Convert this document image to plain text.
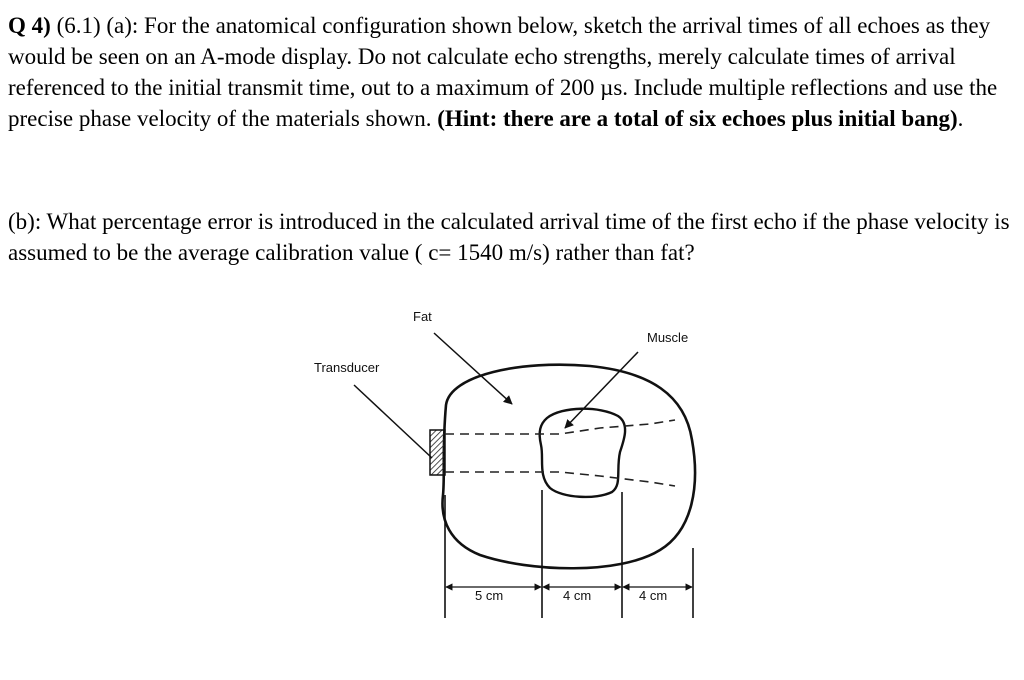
Q 4) (6.1) (a): For the anatomical configuration shown below, sketch the arrival times of all echoes as they would be seen on an A-mode display. Do not calculate echo strengths, merely calculate times of arrival referenced to the initial transmit time, out to a maximum of 200 µs. Include multiple reflections and use the precise phase velocity of the materials shown. (Hint: there are a total of six echoes plus initial bang).

(b): What percentage error is introduced in the calculated arrival time of the first echo if the phase velocity is assumed to be the average calibration value ( c= 1540 m/s) rather than fat?

Fat
Muscle
Transducer
5 cm	4 cm	4 cm
